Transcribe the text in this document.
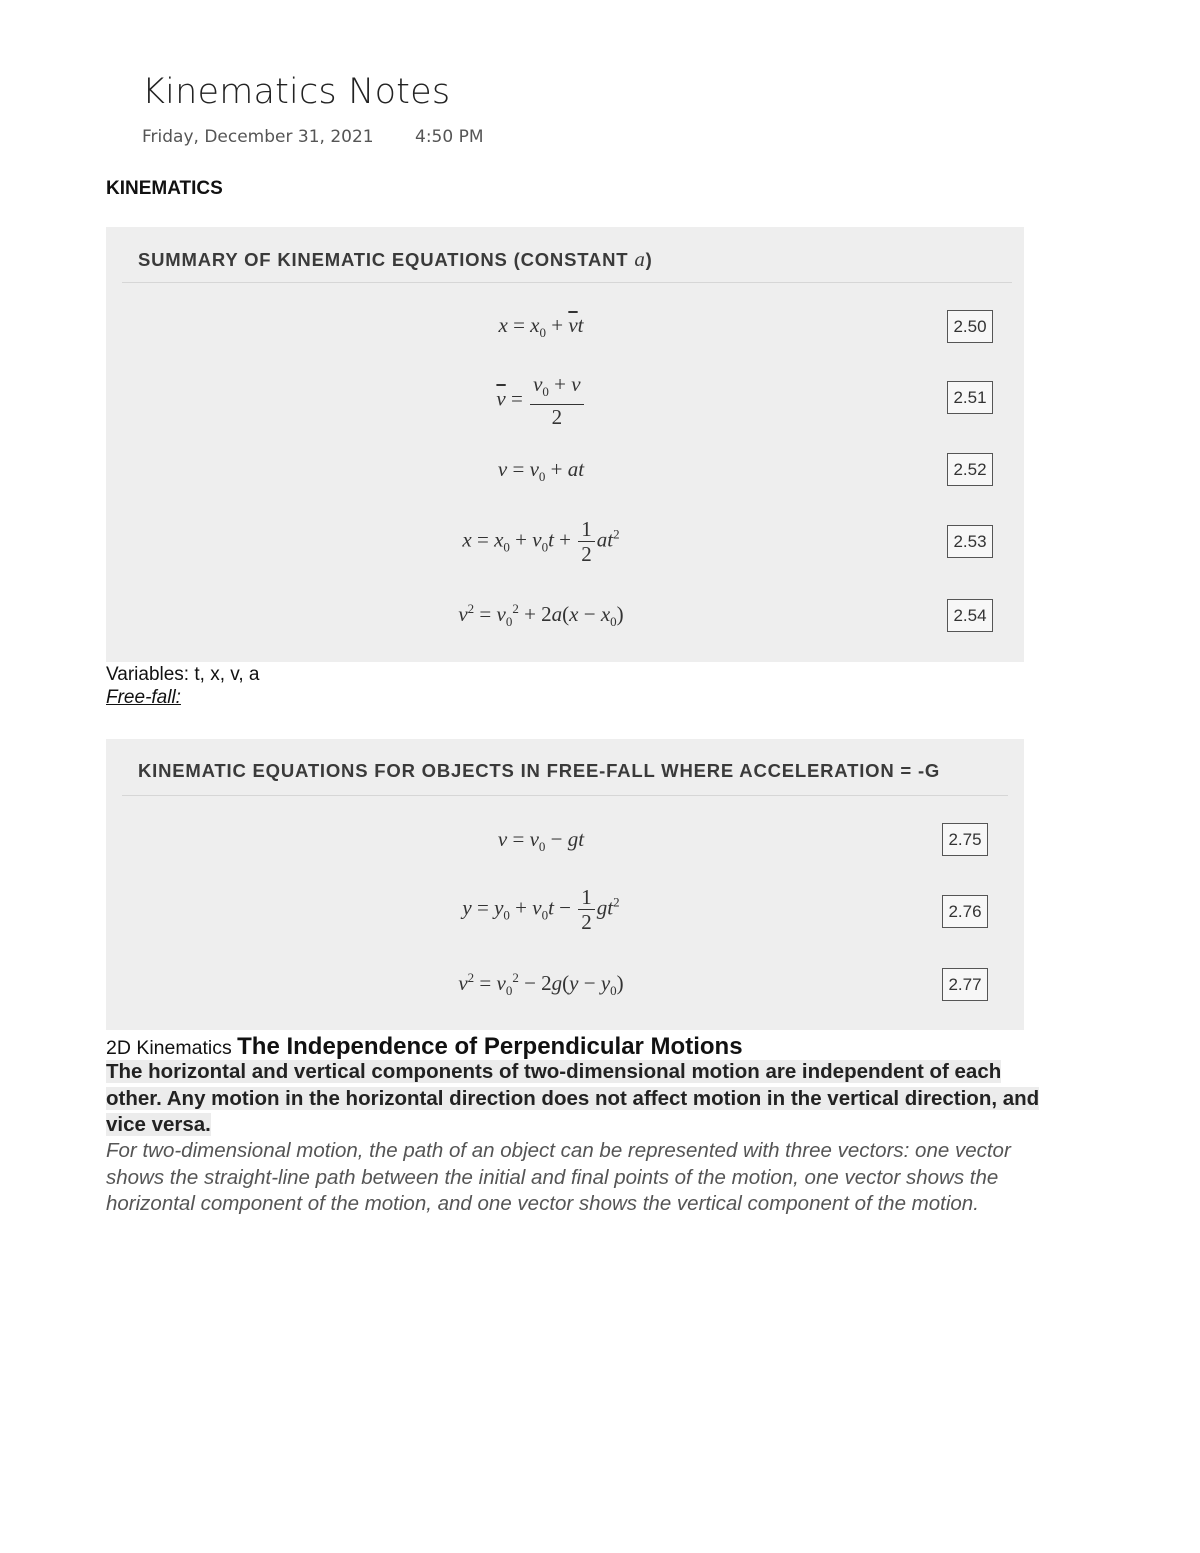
Kinematics Notes
Friday, December 31, 2021 4:50 PM
KINEMATICS
SUMMARY OF KINEMATIC EQUATIONS (CONSTANT a)
$x = x_0 + \overline{v}t$
$\overline{v} = \frac{v_0 + v}{2}$
$v = v_0$ + at
$x = x_0 + v_0t + \frac{1}{2} at^2$
$v^2 = v_0^2 + 2a(x - x_0)$
2.50
2.51
2.52
2.53
2.54
Variables: t, x, v, a
Free-fall:
KINEMATIC EQUATIONS FOR OBJECTS IN FREE-FALL WHERE ACCELERATION = -G
$v = v_0$ − gt
$y = y_0 + v_0t - \frac{1}{2} gt^2$
$v^2 = v_0^2 - 2g(y - y_0)$
2.75
2.76
2.77
2D Kinematics The Independence of Perpendicular Motions
The horizontal and vertical components of two-dimensional motion are independent of each other. Any motion in the horizontal direction does not affect motion in the vertical direction, and vice versa.
For two-dimensional motion, the path of an object can be represented with three vectors: one vector shows the straight-line path between the initial and final points of the motion, one vector shows the horizontal component of the motion, and one vector shows the vertical component of the motion.
